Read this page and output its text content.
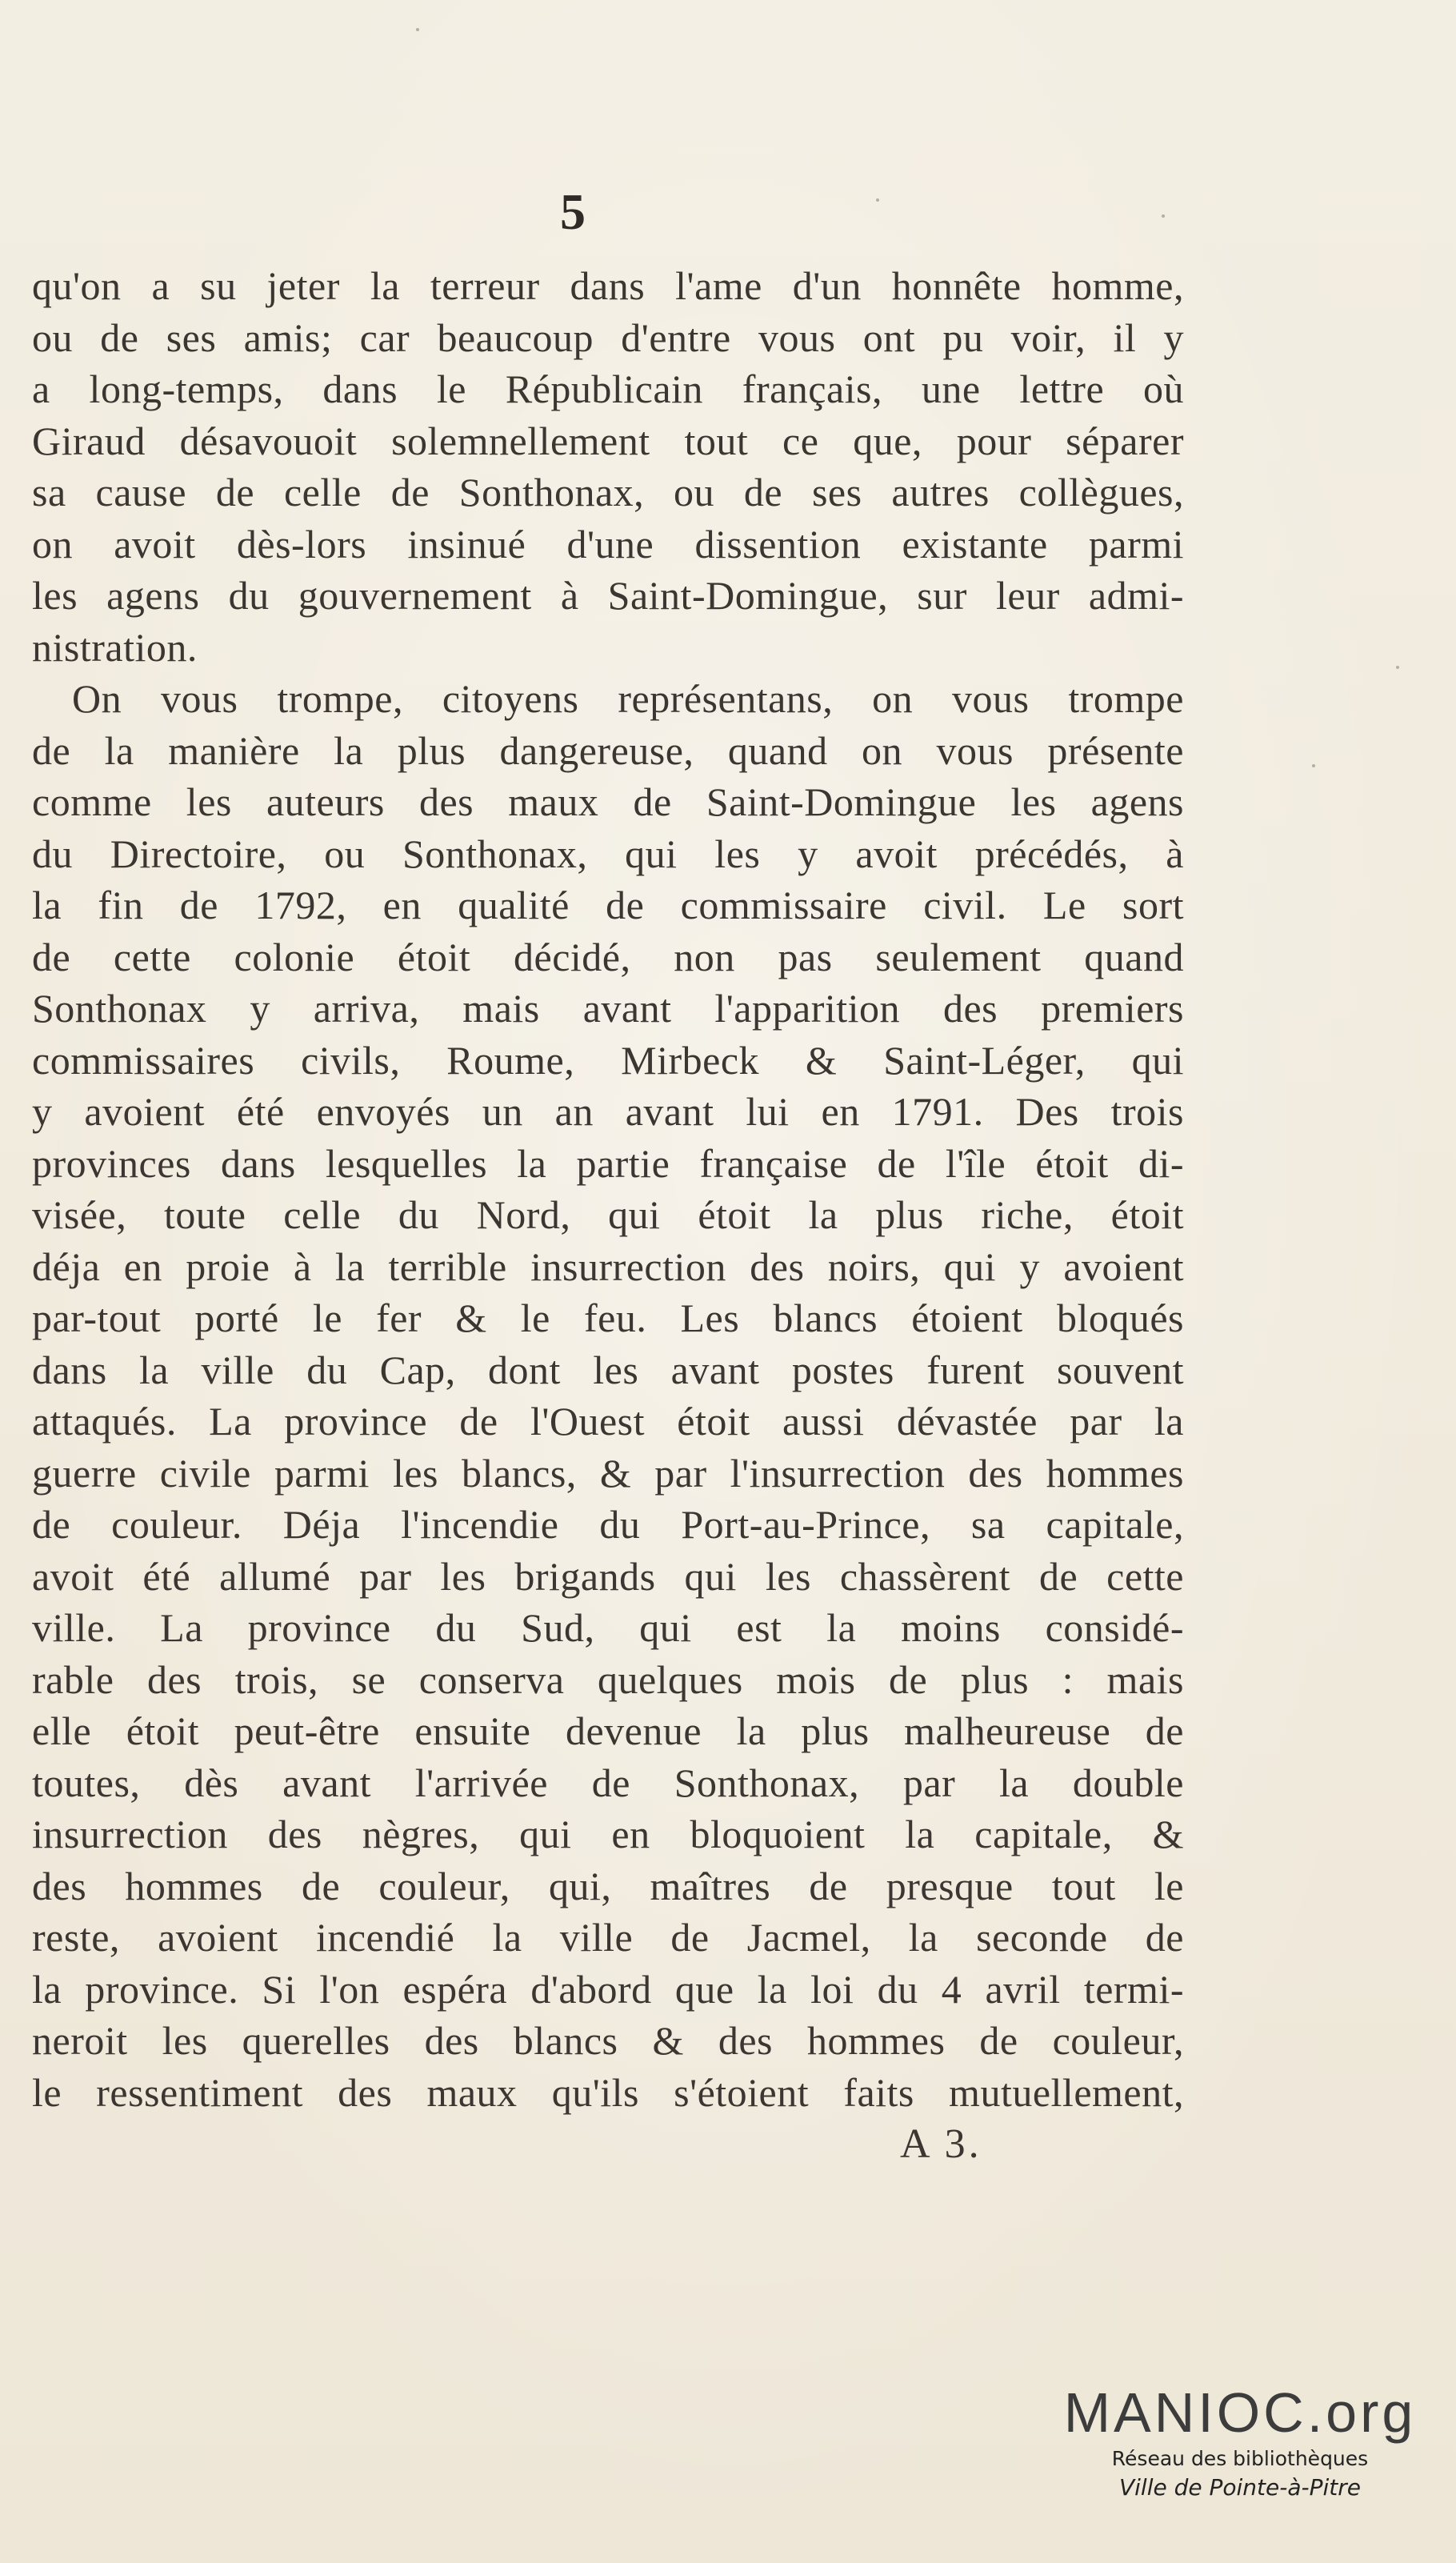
5
qu'on a su jeter la terreur dans l'ame d'un honnête homme,
ou de ses amis; car beaucoup d'entre vous ont pu voir, il y
a long-temps, dans le Républicain français, une lettre où
Giraud désavouoit solemnellement tout ce que, pour séparer
sa cause de celle de Sonthonax, ou de ses autres collègues,
on avoit dès-lors insinué d'une dissention existante parmi
les agens du gouvernement à Saint-Domingue, sur leur admi-
nistration.
On vous trompe, citoyens représentans, on vous trompe
de la manière la plus dangereuse, quand on vous présente
comme les auteurs des maux de Saint-Domingue les agens
du Directoire, ou Sonthonax, qui les y avoit précédés, à
la fin de 1792, en qualité de commissaire civil. Le sort
de cette colonie étoit décidé, non pas seulement quand
Sonthonax y arriva, mais avant l'apparition des premiers
commissaires civils, Roume, Mirbeck & Saint-Léger, qui
y avoient été envoyés un an avant lui en 1791. Des trois
provinces dans lesquelles la partie française de l'île étoit di-
visée, toute celle du Nord, qui étoit la plus riche, étoit
déja en proie à la terrible insurrection des noirs, qui y avoient
par-tout porté le fer & le feu. Les blancs étoient bloqués
dans la ville du Cap, dont les avant postes furent souvent
attaqués. La province de l'Ouest étoit aussi dévastée par la
guerre civile parmi les blancs, & par l'insurrection des hommes
de couleur. Déja l'incendie du Port-au-Prince, sa capitale,
avoit été allumé par les brigands qui les chassèrent de cette
ville. La province du Sud, qui est la moins considé-
rable des trois, se conserva quelques mois de plus : mais
elle étoit peut-être ensuite devenue la plus malheureuse de
toutes, dès avant l'arrivée de Sonthonax, par la double
insurrection des nègres, qui en bloquoient la capitale, &
des hommes de couleur, qui, maîtres de presque tout le
reste, avoient incendié la ville de Jacmel, la seconde de
la province. Si l'on espéra d'abord que la loi du 4 avril termi-
neroit les querelles des blancs & des hommes de couleur,
le ressentiment des maux qu'ils s'étoient faits mutuellement,
A 3.
MANIOC.org
Réseau des bibliothèques
Ville de Pointe-à-Pitre
